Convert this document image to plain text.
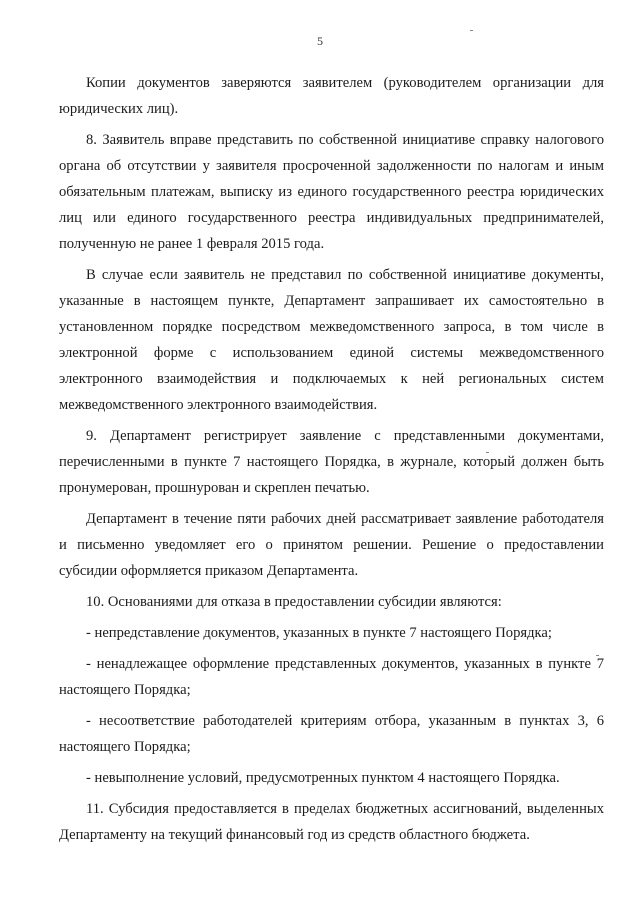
5

Копии документов заверяются заявителем (руководителем организации для юридических лиц).

8. Заявитель вправе представить по собственной инициативе справку налогового органа об отсутствии у заявителя просроченной задолженности по налогам и иным обязательным платежам, выписку из единого государственного реестра юридических лиц или единого государственного реестра индивидуальных предпринимателей, полученную не ранее 1 февраля 2015 года.

В случае если заявитель не представил по собственной инициативе документы, указанные в настоящем пункте, Департамент запрашивает их самостоятельно в установленном порядке посредством межведомственного запроса, в том числе в электронной форме с использованием единой системы межведомственного электронного взаимодействия и подключаемых к ней региональных систем межведомственного электронного взаимодействия.

9. Департамент регистрирует заявление с представленными документами, перечисленными в пункте 7 настоящего Порядка, в журнале, который должен быть пронумерован, прошнурован и скреплен печатью.

Департамент в течение пяти рабочих дней рассматривает заявление работодателя и письменно уведомляет его о принятом решении. Решение о предоставлении субсидии оформляется приказом Департамента.

10. Основаниями для отказа в предоставлении субсидии являются:

- непредставление документов, указанных в пункте 7 настоящего Порядка;

- ненадлежащее оформление представленных документов, указанных в пункте 7 настоящего Порядка;

- несоответствие работодателей критериям отбора, указанным в пунктах 3, 6 настоящего Порядка;

- невыполнение условий, предусмотренных пунктом 4 настоящего Порядка.

11. Субсидия предоставляется в пределах бюджетных ассигнований, выделенных Департаменту на текущий финансовый год из средств областного бюджета.
